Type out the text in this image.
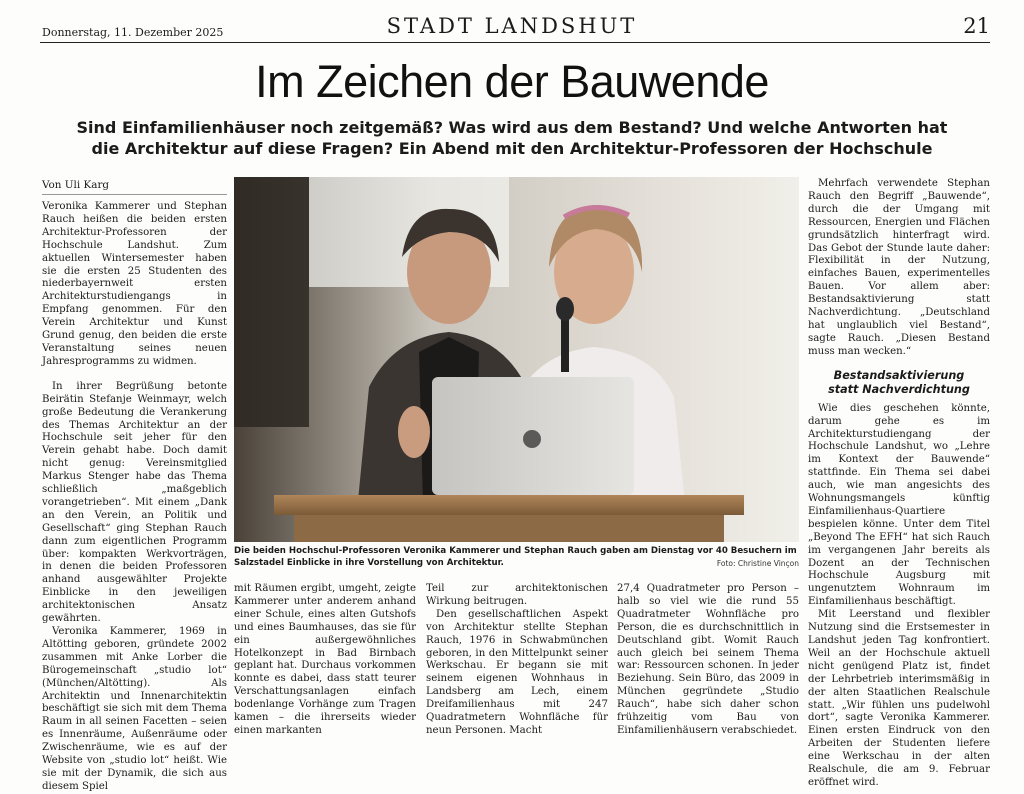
Donnerstag, 11. Dezember 2025	STADT LANDSHUT	21
Im Zeichen der Bauwende
Sind Einfamilienhäuser noch zeitgemäß? Was wird aus dem Bestand? Und welche Antworten hat die Architektur auf diese Fragen? Ein Abend mit den Architektur-Professoren der Hochschule
Von Uli Karg

Veronika Kammerer und Stephan Rauch heißen die beiden ersten Architektur-Professoren der Hochschule Landshut. Zum aktuellen Wintersemester haben sie die ersten 25 Studenten des niederbayernweit ersten Architekturstudiengangs in Empfang genommen. Für den Verein Architektur und Kunst Grund genug, den beiden die erste Veranstaltung seines neuen Jahresprogramms zu widmen.

In ihrer Begrüßung betonte Beirätin Stefanje Weinmayr, welch große Bedeutung die Verankerung des Themas Architektur an der Hochschule seit jeher für den Verein gehabt habe. Doch damit nicht genug: Vereinsmitglied Markus Stenger habe das Thema schließlich „maßgeblich vorangetrieben“. Mit einem „Dank an den Verein, an Politik und Gesellschaft“ ging Stephan Rauch dann zum eigentlichen Programm über: kompakten Werkvorträgen, in denen die beiden Professoren anhand ausgewählter Projekte Einblicke in den jeweiligen architektonischen Ansatz gewährten.

Veronika Kammerer, 1969 in Altötting geboren, gründete 2002 zusammen mit Anke Lorber die Bürogemeinschaft „studio lot“ (München/Altötting). Als Architektin und Innenarchitektin beschäftigt sie sich mit dem Thema Raum in all seinen Facetten – seien es Innenräume, Außenräume oder Zwischenräume, wie es auf der Website von „studio lot“ heißt. Wie sie mit der Dynamik, die sich aus diesem Spiel

Die beiden Hochschul-Professoren Veronika Kammerer und Stephan Rauch gaben am Dienstag vor 40 Besuchern im Salzstadel Einblicke in ihre Vorstellung von Architektur.	Foto: Christine Vinçon

mit Räumen ergibt, umgeht, zeigte Kammerer unter anderem anhand einer Schule, eines alten Gutshofs und eines Baumhauses, das sie für ein außergewöhnliches Hotelkonzept in Bad Birnbach geplant hat. Durchaus vorkommen konnte es dabei, dass statt teurer Verschattungsanlagen einfach bodenlange Vorhänge zum Tragen kamen – die ihrerseits wieder einen markanten

Teil zur architektonischen Wirkung beitrugen.

Den gesellschaftlichen Aspekt von Architektur stellte Stephan Rauch, 1976 in Schwabmünchen geboren, in den Mittelpunkt seiner Werkschau. Er begann sie mit seinem eigenen Wohnhaus in Landsberg am Lech, einem Dreifamilienhaus mit 247 Quadratmetern Wohnfläche für neun Personen. Macht

27,4 Quadratmeter pro Person – halb so viel wie die rund 55 Quadratmeter Wohnfläche pro Person, die es durchschnittlich in Deutschland gibt. Womit Rauch auch gleich bei seinem Thema war: Ressourcen schonen. In jeder Beziehung. Sein Büro, das 2009 in München gegründete „Studio Rauch“, habe sich daher schon frühzeitig vom Bau von Einfamilienhäusern verabschiedet.

Mehrfach verwendete Stephan Rauch den Begriff „Bauwende“, durch die der Umgang mit Ressourcen, Energien und Flächen grundsätzlich hinterfragt wird. Das Gebot der Stunde laute daher: Flexibilität in der Nutzung, einfaches Bauen, experimentelles Bauen. Vor allem aber: Bestandsaktivierung statt Nachverdichtung. „Deutschland hat unglaublich viel Bestand“, sagte Rauch. „Diesen Bestand muss man wecken.“

Bestandsaktivierung
statt Nachverdichtung

Wie dies geschehen könnte, darum gehe es im Architekturstudiengang der Hochschule Landshut, wo „Lehre im Kontext der Bauwende“ stattfinde. Ein Thema sei dabei auch, wie man angesichts des Wohnungsmangels künftig Einfamilienhaus-Quartiere bespielen könne. Unter dem Titel „Beyond The EFH“ hat sich Rauch im vergangenen Jahr bereits als Dozent an der Technischen Hochschule Augsburg mit ungenutztem Wohnraum im Einfamilienhaus beschäftigt.

Mit Leerstand und flexibler Nutzung sind die Erstsemester in Landshut jeden Tag konfrontiert. Weil an der Hochschule aktuell nicht genügend Platz ist, findet der Lehrbetrieb interimsmäßig in der alten Staatlichen Realschule statt. „Wir fühlen uns pudelwohl dort“, sagte Veronika Kammerer. Einen ersten Eindruck von den Arbeiten der Studenten liefere eine Werkschau in der alten Realschule, die am 9. Februar eröffnet wird.
